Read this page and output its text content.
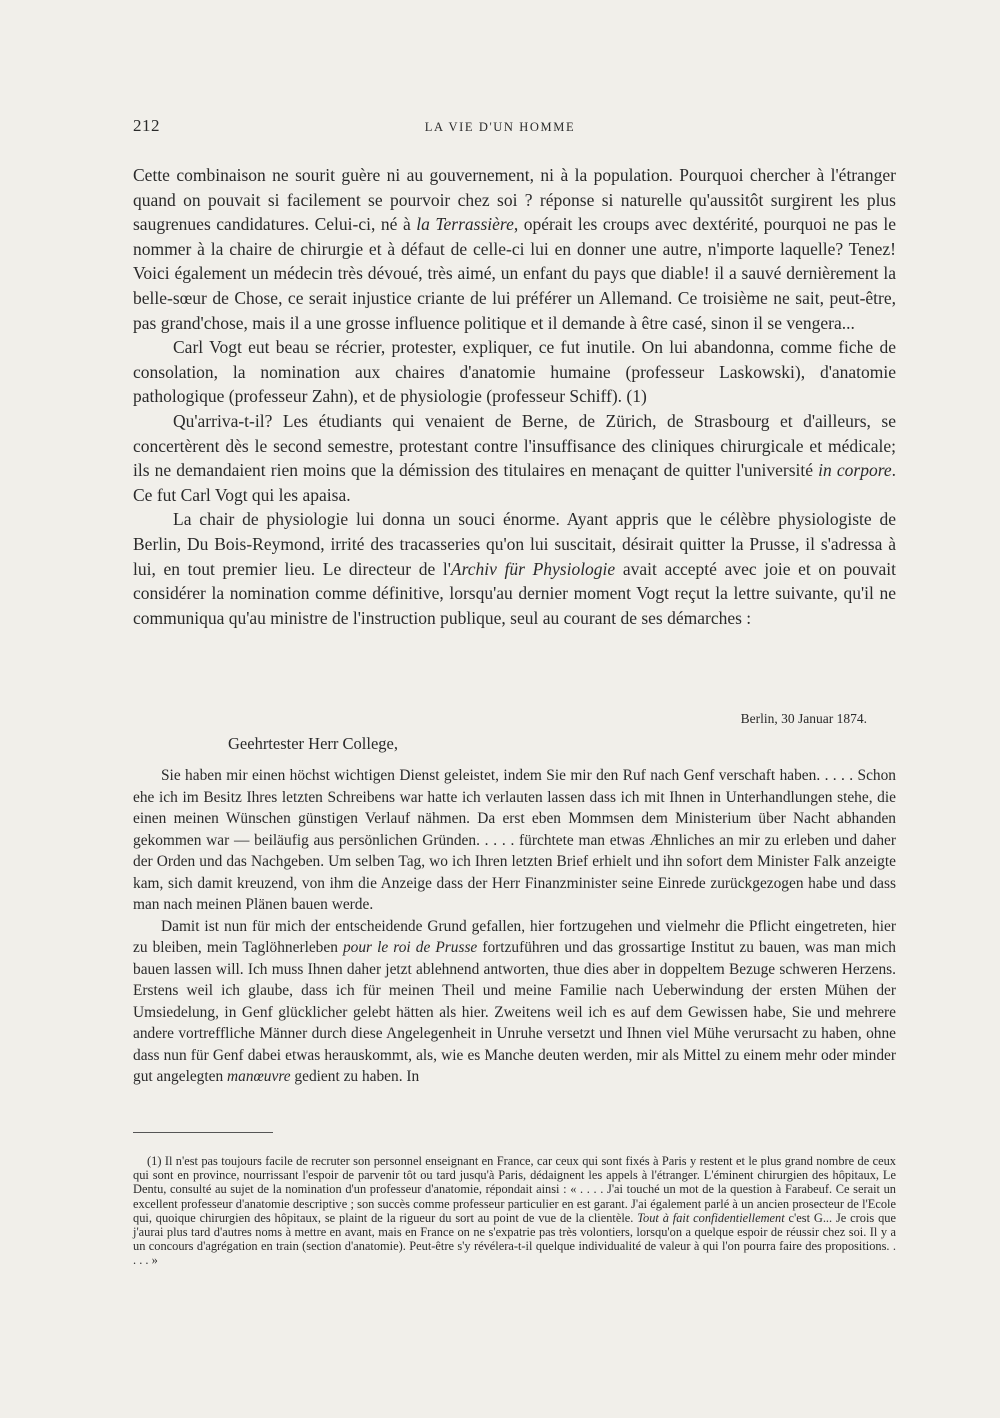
212	LA VIE D'UN HOMME

Cette combinaison ne sourit guère ni au gouvernement, ni à la population. Pourquoi chercher à l'étranger quand on pouvait si facilement se pourvoir chez soi ? réponse si naturelle qu'aussitôt surgirent les plus saugrenues candidatures. Celui-ci, né à la Terrassière, opérait les croups avec dextérité, pourquoi ne pas le nommer à la chaire de chirurgie et à défaut de celle-ci lui en donner une autre, n'importe laquelle? Tenez! Voici également un médecin très dévoué, très aimé, un enfant du pays que diable! il a sauvé dernièrement la belle-sœur de Chose, ce serait injustice criante de lui préférer un Allemand. Ce troisième ne sait, peut-être, pas grand'chose, mais il a une grosse influence politique et il demande à être casé, sinon il se vengera...

Carl Vogt eut beau se récrier, protester, expliquer, ce fut inutile. On lui abandonna, comme fiche de consolation, la nomination aux chaires d'anatomie humaine (professeur Laskowski), d'anatomie pathologique (professeur Zahn), et de physiologie (professeur Schiff). (1)

Qu'arriva-t-il? Les étudiants qui venaient de Berne, de Zürich, de Strasbourg et d'ailleurs, se concertèrent dès le second semestre, protestant contre l'insuffisance des cliniques chirurgicale et médicale; ils ne demandaient rien moins que la démission des titulaires en menaçant de quitter l'université in corpore. Ce fut Carl Vogt qui les apaisa.

La chair de physiologie lui donna un souci énorme. Ayant appris que le célèbre physiologiste de Berlin, Du Bois-Reymond, irrité des tracasseries qu'on lui suscitait, désirait quitter la Prusse, il s'adressa à lui, en tout premier lieu. Le directeur de l'Archiv für Physiologie avait accepté avec joie et on pouvait considérer la nomination comme définitive, lorsqu'au dernier moment Vogt reçut la lettre suivante, qu'il ne communiqua qu'au ministre de l'instruction publique, seul au courant de ses démarches :

Berlin, 30 Januar 1874.
Geehrtester Herr College,

Sie haben mir einen höchst wichtigen Dienst geleistet, indem Sie mir den Ruf nach Genf verschaft haben. . . . . Schon ehe ich im Besitz Ihres letzten Schreibens war hatte ich verlauten lassen dass ich mit Ihnen in Unterhandlungen stehe, die einen meinen Wünschen günstigen Verlauf nähmen. Da erst eben Mommsen dem Ministerium über Nacht abhanden gekommen war — beiläufig aus persönlichen Gründen. . . . . fürchtete man etwas Æhnliches an mir zu erleben und daher der Orden und das Nachgeben. Um selben Tag, wo ich Ihren letzten Brief erhielt und ihn sofort dem Minister Falk anzeigte kam, sich damit kreuzend, von ihm die Anzeige dass der Herr Finanzminister seine Einrede zurückgezogen habe und dass man nach meinen Plänen bauen werde.

Damit ist nun für mich der entscheidende Grund gefallen, hier fortzugehen und vielmehr die Pflicht eingetreten, hier zu bleiben, mein Taglöhnerleben pour le roi de Prusse fortzuführen und das grossartige Institut zu bauen, was man mich bauen lassen will. Ich muss Ihnen daher jetzt ablehnend antworten, thue dies aber in doppeltem Bezuge schweren Herzens. Erstens weil ich glaube, dass ich für meinen Theil und meine Familie nach Ueberwindung der ersten Mühen der Umsiedelung, in Genf glücklicher gelebt hätten als hier. Zweitens weil ich es auf dem Gewissen habe, Sie und mehrere andere vortreffliche Männer durch diese Angelegenheit in Unruhe versetzt und Ihnen viel Mühe verursacht zu haben, ohne dass nun für Genf dabei etwas herauskommt, als, wie es Manche deuten werden, mir als Mittel zu einem mehr oder minder gut angelegten manœuvre gedient zu haben. In

(1) Il n'est pas toujours facile de recruter son personnel enseignant en France, car ceux qui sont fixés à Paris y restent et le plus grand nombre de ceux qui sont en province, nourrissant l'espoir de parvenir tôt ou tard jusqu'à Paris, dédaignent les appels à l'étranger. L'éminent chirurgien des hôpitaux, Le Dentu, consulté au sujet de la nomination d'un professeur d'anatomie, répondait ainsi : « . . . . J'ai touché un mot de la question à Farabeuf. Ce serait un excellent professeur d'anatomie descriptive ; son succès comme professeur particulier en est garant. J'ai également parlé à un ancien prosecteur de l'Ecole qui, quoique chirurgien des hôpitaux, se plaint de la rigueur du sort au point de vue de la clientèle. Tout à fait confidentiellement c'est G... Je crois que j'aurai plus tard d'autres noms à mettre en avant, mais en France on ne s'expatrie pas très volontiers, lorsqu'on a quelque espoir de réussir chez soi. Il y a un concours d'agrégation en train (section d'anatomie). Peut-être s'y révélera-t-il quelque individualité de valeur à qui l'on pourra faire des propositions. . . . . »
